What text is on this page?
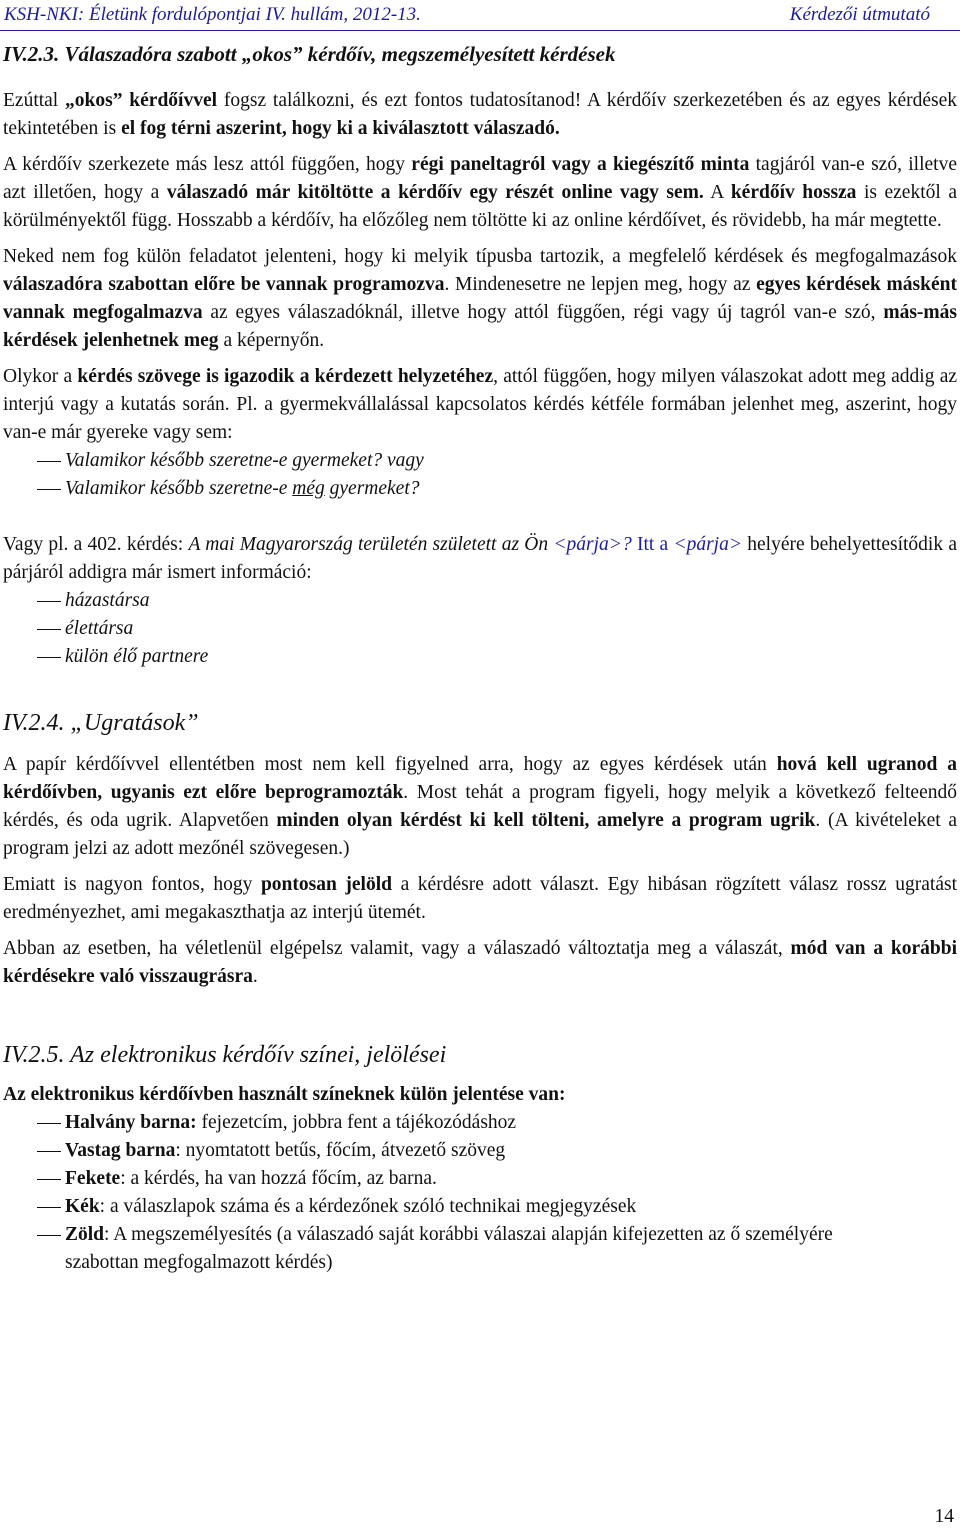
KSH-NKI: Életünk fordulópontjai IV. hullám, 2012-13.	Kérdezői útmutató
IV.2.3. Válaszadóra szabott „okos” kérdőív, megszemélyesített kérdések

Ezúttal „okos” kérdőívvel fogsz találkozni, és ezt fontos tudatosítanod! A kérdőív szerkezetében és az egyes kérdések tekintetében is el fog térni aszerint, hogy ki a kiválasztott válaszadó.

A kérdőív szerkezete más lesz attól függően, hogy régi paneltagról vagy a kiegészítő minta tagjáról van-e szó, illetve azt illetően, hogy a válaszadó már kitöltötte a kérdőív egy részét online vagy sem. A kérdőív hossza is ezektől a körülményektől függ. Hosszabb a kérdőív, ha előzőleg nem töltötte ki az online kérdőívet, és rövidebb, ha már megtette.

Neked nem fog külön feladatot jelenteni, hogy ki melyik típusba tartozik, a megfelelő kérdések és megfogalmazások válaszadóra szabottan előre be vannak programozva. Mindenesetre ne lepjen meg, hogy az egyes kérdések másként vannak megfogalmazva az egyes válaszadóknál, illetve hogy attól függően, régi vagy új tagról van-e szó, más-más kérdések jelenhetnek meg a képernyőn.

Olykor a kérdés szövege is igazodik a kérdezett helyzetéhez, attól függően, hogy milyen válaszokat adott meg addig az interjú vagy a kutatás során. Pl. a gyermekvállalással kapcsolatos kérdés kétféle formában jelenhet meg, aszerint, hogy van-e már gyereke vagy sem:

Valamikor később szeretne-e gyermeket? vagy
Valamikor később szeretne-e még gyermeket?

Vagy pl. a 402. kérdés: A mai Magyarország területén született az Ön <párja>? Itt a <párja> helyére behelyettesítődik a párjáról addigra már ismert információ:

házastársa
élettársa
külön élő partnere
IV.2.4. „Ugratások”

A papír kérdőívvel ellentétben most nem kell figyelned arra, hogy az egyes kérdések után hová kell ugranod a kérdőívben, ugyanis ezt előre beprogramozták. Most tehát a program figyeli, hogy melyik a következő felteendő kérdés, és oda ugrik. Alapvetően minden olyan kérdést ki kell tölteni, amelyre a program ugrik. (A kivételeket a program jelzi az adott mezőnél szövegesen.)

Emiatt is nagyon fontos, hogy pontosan jelöld a kérdésre adott választ. Egy hibásan rögzített válasz rossz ugratást eredményezhet, ami megakaszthatja az interjú ütemét.

Abban az esetben, ha véletlenül elgépelsz valamit, vagy a válaszadó változtatja meg a válaszát, mód van a korábbi kérdésekre való visszaugrásra.

IV.2.5. Az elektronikus kérdőív színei, jelölései

Az elektronikus kérdőívben használt színeknek külön jelentése van:

Halvány barna: fejezetcím, jobbra fent a tájékozódáshoz
Vastag barna: nyomtatott betűs, főcím, átvezető szöveg
Fekete: a kérdés, ha van hozzá főcím, az barna.
Kék: a válaszlapok száma és a kérdezőnek szóló technikai megjegyzések
Zöld: A megszemélyesítés (a válaszadó saját korábbi válaszai alapján kifejezetten az ő személyére szabottan megfogalmazott kérdés)
14
